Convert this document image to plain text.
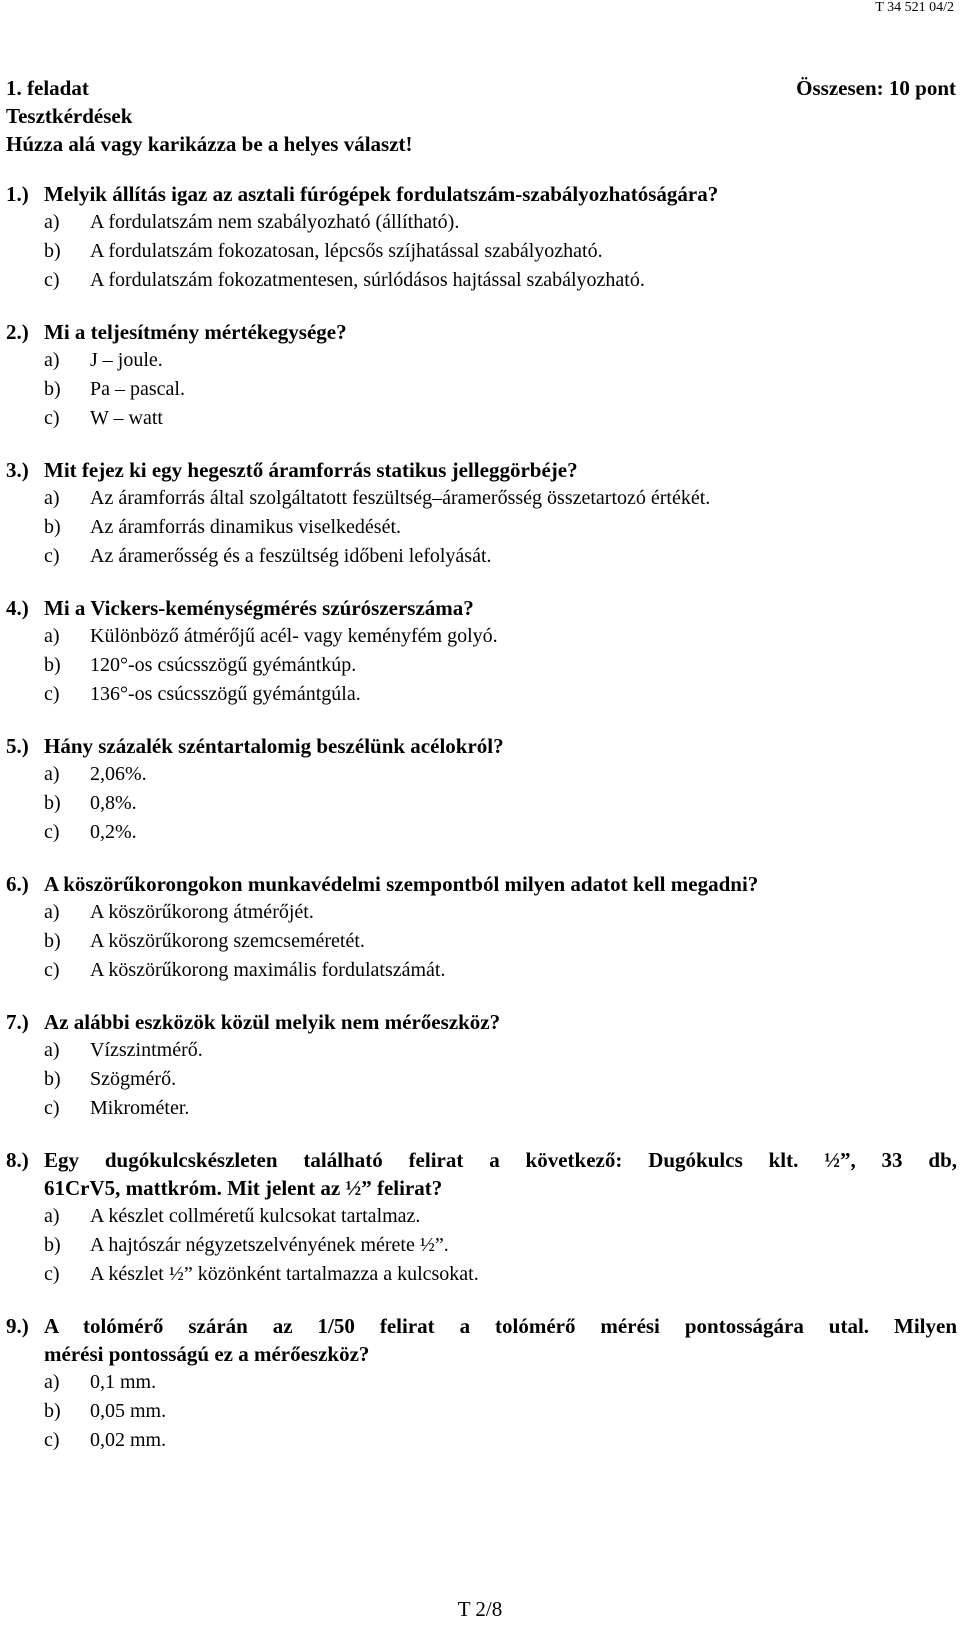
T 34 521 04/2
1. feladat	Összesen: 10 pont
Tesztkérdések
Húzza alá vagy karikázza be a helyes választ!
1.) Melyik állítás igaz az asztali fúrógépek fordulatszám-szabályozhatóságára?
a)	A fordulatszám nem szabályozható (állítható).
b)	A fordulatszám fokozatosan, lépcsős szíjhatással szabályozható.
c)	A fordulatszám fokozatmentesen, súrlódásos hajtással szabályozható.
2.) Mi a teljesítmény mértékegysége?
a)	J – joule.
b)	Pa – pascal.
c)	W – watt
3.) Mit fejez ki egy hegesztő áramforrás statikus jelleggörbéje?
a)	Az áramforrás által szolgáltatott feszültség–áramerősség összetartozó értékét.
b)	Az áramforrás dinamikus viselkedését.
c)	Az áramerősség és a feszültség időbeni lefolyását.
4.) Mi a Vickers-keménységmérés szúrószerszáma?
a)	Különböző átmérőjű acél- vagy keményfém golyó.
b)	120°-os csúcsszögű gyémántkúp.
c)	136°-os csúcsszögű gyémántgúla.
5.) Hány százalék széntartalomig beszélünk acélokról?
a)	2,06%.
b)	0,8%.
c)	0,2%.
6.) A köszörűkorongokon munkavédelmi szempontból milyen adatot kell megadni?
a)	A köszörűkorong átmérőjét.
b)	A köszörűkorong szemcseméretét.
c)	A köszörűkorong maximális fordulatszámát.
7.) Az alábbi eszközök közül melyik nem mérőeszköz?
a)	Vízszintmérő.
b)	Szögmérő.
c)	Mikrométer.
8.) Egy dugókulcskészleten található felirat a következő: Dugókulcs klt. ½”, 33 db,
61CrV5, mattkróm. Mit jelent az ½” felirat?
a)	A készlet collméretű kulcsokat tartalmaz.
b)	A hajtószár négyzetszelvényének mérete ½”.
c)	A készlet ½” közönként tartalmazza a kulcsokat.
9.) A tolómérő szárán az 1/50 felirat a tolómérő mérési pontosságára utal. Milyen
mérési pontosságú ez a mérőeszköz?
a)	0,1 mm.
b)	0,05 mm.
c)	0,02 mm.
T 2/8
